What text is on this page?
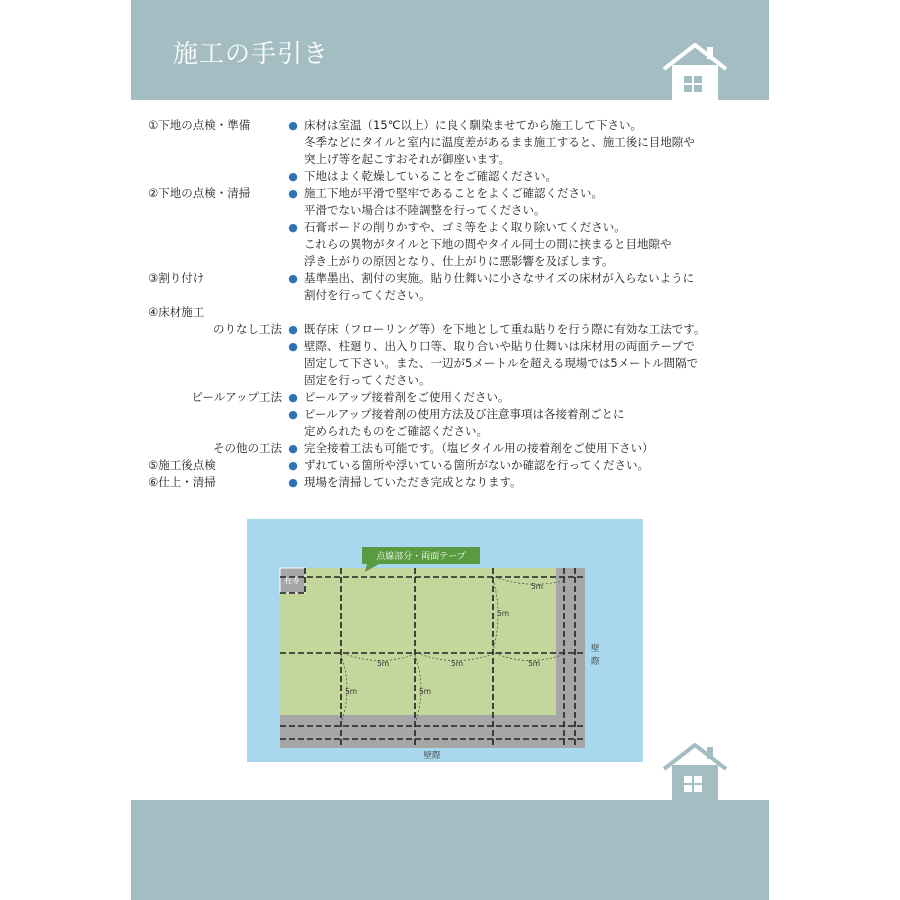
施工の手引き
①下地の点検・準備	● 床材は室温（15℃以上）に良く馴染ませてから施工して下さい。
冬季などにタイルと室内に温度差があるまま施工すると、施工後に目地隙や
突上げ等を起こすおそれが御座います。
● 下地はよく乾燥していることをご確認ください。
②下地の点検・清掃	● 施工下地が平滑で堅牢であることをよくご確認ください。
平滑でない場合は不陸調整を行ってください。
● 石膏ボードの削りかすや、ゴミ等をよく取り除いてください。
これらの異物がタイルと下地の間やタイル同士の間に挟まると目地隙や
浮き上がりの原因となり、仕上がりに悪影響を及ぼします。
③割り付け	● 基準墨出、割付の実施。貼り仕舞いに小さなサイズの床材が入らないように
割付を行ってください。
④床材施工
のりなし工法 ● 既存床（フローリング等）を下地として重ね貼りを行う際に有効な工法です。
● 壁際、柱廻り、出入り口等、取り合いや貼り仕舞いは床材用の両面テープで
固定して下さい。また、一辺が5メートルを超える現場では5メートル間隔で
固定を行ってください。
ピールアップ工法 ● ピールアップ接着剤をご使用ください。
● ピールアップ接着剤の使用方法及び注意事項は各接着剤ごとに
定められたものをご確認ください。
その他の工法 ● 完全接着工法も可能です。（塩ビタイル用の接着剤をご使用下さい）
⑤施工後点検	● ずれている箇所や浮いている箇所がないか確認を行ってください。
⑥仕上・清掃	● 現場を清掃していただき完成となります。
柱等
5m
5m
5m	5m	5m
5m	5m
点線部分・両面テープ
壁
際
壁際
